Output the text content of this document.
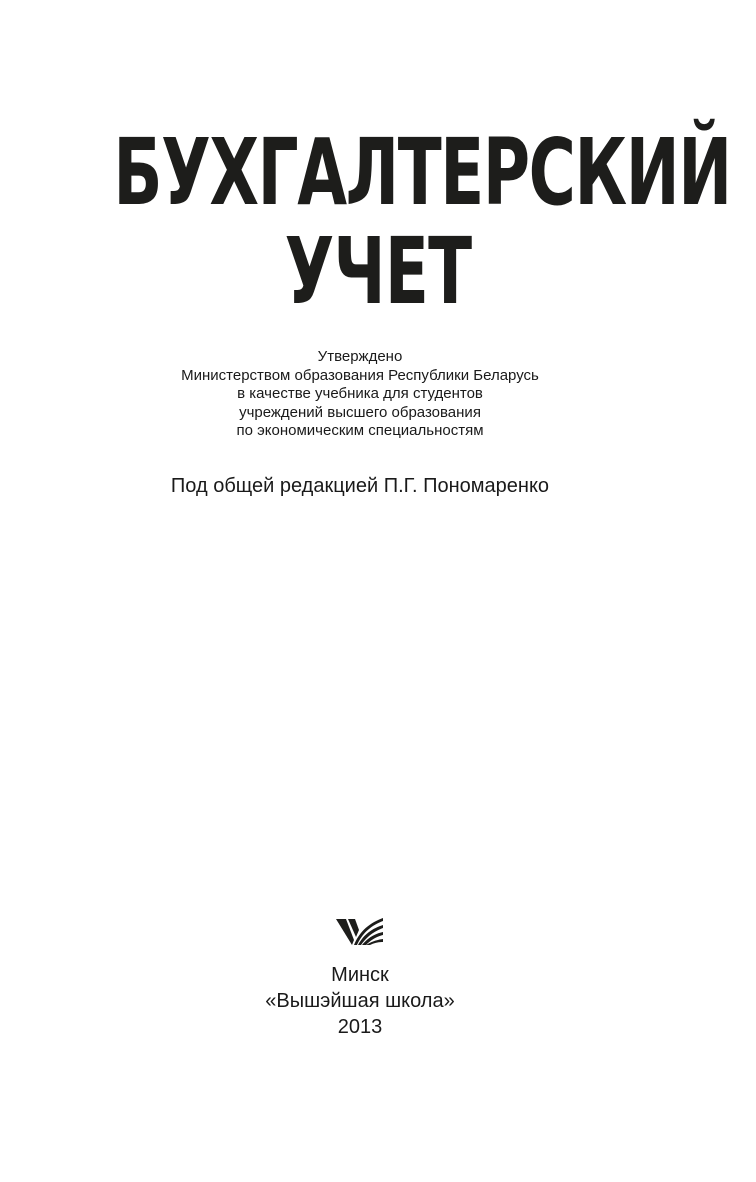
БУХГАЛТЕРСКИЙ
УЧЕТ
Утверждено
Министерством образования Республики Беларусь
в качестве учебника для студентов
учреждений высшего образования
по экономическим специальностям
Под общей редакцией П.Г. Пономаренко
Минск
«Вышэйшая школа»
2013
